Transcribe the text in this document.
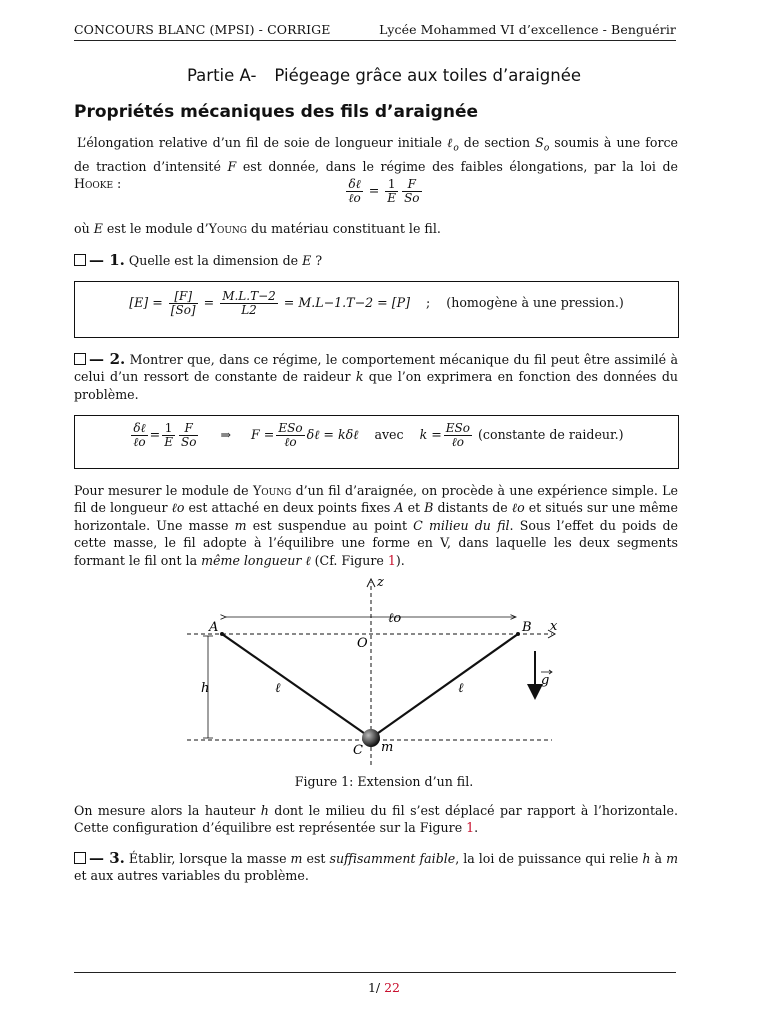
CONCOURS BLANC (MPSI) - CORRIGE	Lycée Mohammed VI d’excellence - Benguérir
Partie A- Piégeage grâce aux toiles d’araignée
Propriétés mécaniques des fils d’araignée
L’élongation relative d’un fil de soie de longueur initiale ℓ$_o$ de section $S_o$ soumis à une force de traction d’intensité F est donnée, dans le régime des faibles élongations, par la loi de Hooke :	$\frac{\text{δℓ}}{\text{ℓo}} = \frac{1}{E} \frac{F}{So}$
où E est le module d’Young du matériau constituant le fil.
— 1. Quelle est la dimension de E ?
$[E] = \frac{[F]}{[So]} = \frac{M.L.T-2}{L2} = M.L-1.T-2 = [P]$ ; (homogène à une pression.)
— 2. Montrer que, dans ce régime, le comportement mécanique du fil peut être assimilé à celui d’un ressort de constante de raideur k que l’on exprimera en fonction des données du problème.
$\frac{\text{δℓ}}{\text{ℓo}} = \frac{1}{E} \frac{F}{So}$ ⇒ $F = \frac{\text{ESo}}{\text{ℓo}}$ δℓ = kδℓ avec $k = \frac{\text{ESo}}{\text{ℓo}}$ (constante de raideur.)
Pour mesurer le module de Young d’un fil d’araignée, on procède à une expérience simple. Le fil de longueur ℓo est attaché en deux points fixes A et B distants de ℓo et situés sur une même horizontale. Une masse m est suspendue au point C milieu du fil. Sous l’effet du poids de cette masse, le fil adopte à l’équilibre une forme en V, dans laquelle les deux segments formant le fil ont la même longueur ℓ (Cf. Figure 1).
z
x
A	B
O
C m
h	ℓ	ℓ
ℓo
g
Figure 1: Extension d’un fil.
On mesure alors la hauteur h dont le milieu du fil s’est déplacé par rapport à l’horizontale. Cette configuration d’équilibre est représentée sur la Figure 1.
— 3. Établir, lorsque la masse m est suffisamment faible, la loi de puissance qui relie h à m et aux autres variables du problème.
1/ 22
